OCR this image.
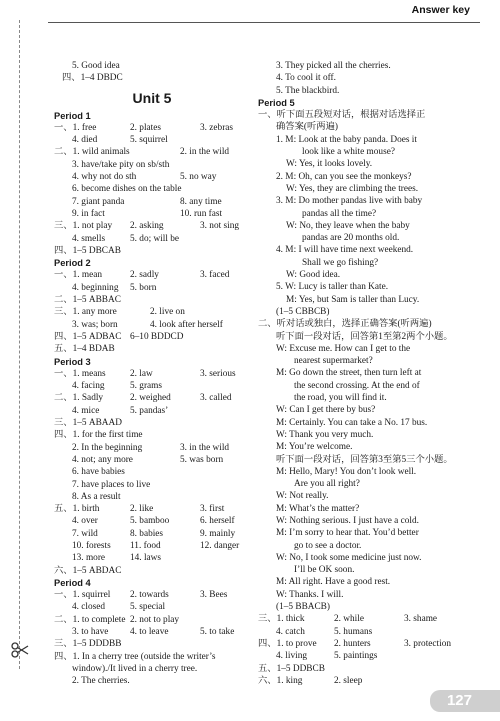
Answer key
5. Good idea
四、1–4 DBDC
Unit 5
Period 1
一、1. free	2. plates	3. zebras
4. died	5. squirrel
二、1. wild animals	2. in the wild
3. have/take pity on sb/sth
4. why not do sth	5. no way
6. become dishes on the table
7. giant panda	8. any time
9. in fact	10. run fast
三、1. not play 2. asking	3. not sing
4. smells	5. do; will be
四、1–5 DBCAB
Period 2
一、1. mean	2. sadly	3. faced
4. beginning 5. born
二、1–5 ABBAC
三、1. any more	2. live on
3. was; born	4. look after herself
四、1–5 ADBAC 6–10 BDDCD
五、1–4 BDAB
Period 3
一、1. means	2. law	3. serious
4. facing	5. grams
二、1. Sadly	2. weighed	3. called
4. mice	5. pandas’
三、1–5 ABAAD
四、1. for the first time
2. In the beginning	3. in the wild
4. not; any more	5. was born
6. have babies
7. have places to live
8. As a result
五、1. birth	2. like	3. first
4. over	5. bamboo	6. herself
7. wild	8. babies	9. mainly
10. forests 11. food	12. danger
13. more	14. laws
六、1–5 ABDAC
Period 4
一、1. squirrel 2. towards	3. Bees
4. closed	5. special
二、1. to complete 2. not to play
3. to have 4. to leave	5. to take
三、1–5 DDDBB
四、1. In a cherry tree (outside the writer’s
window)./It lived in a cherry tree.
2. The cherries.
3. They picked all the cherries.
4. To cool it off.
5. The blackbird.
Period 5
一、听下面五段短对话，根据对话选择正
确答案(听两遍)
1. M: Look at the baby panda. Does it
look like a white mouse?
W: Yes, it looks lovely.
2. M: Oh, can you see the monkeys?
W: Yes, they are climbing the trees.
3. M: Do mother pandas live with baby
pandas all the time?
W: No, they leave when the baby
pandas are 20 months old.
4. M: I will have time next weekend.
Shall we go fishing?
W: Good idea.
5. W: Lucy is taller than Kate.
M: Yes, but Sam is taller than Lucy.
(1–5 CBBCB)
二、听对话或独白，选择正确答案(听两遍)
听下面一段对话，回答第1至第2两个小题。
W: Excuse me. How can I get to the
nearest supermarket?
M: Go down the street, then turn left at
the second crossing. At the end of
the road, you will find it.
W: Can I get there by bus?
M: Certainly. You can take a No. 17 bus.
W: Thank you very much.
M: You’re welcome.
听下面一段对话，回答第3至第5三个小题。
M: Hello, Mary! You don’t look well.
Are you all right?
W: Not really.
M: What’s the matter?
W: Nothing serious. I just have a cold.
M: I’m sorry to hear that. You’d better
go to see a doctor.
W: No, I took some medicine just now.
I’ll be OK soon.
M: All right. Have a good rest.
W: Thanks. I will.
(1–5 BBACB)
三、1. thick	2. while	3. shame
4. catch	5. humans
四、1. to prove 2. hunters	3. protection
4. living	5. paintings
五、1–5 DDBCB
六、1. king	2. sleep
127
